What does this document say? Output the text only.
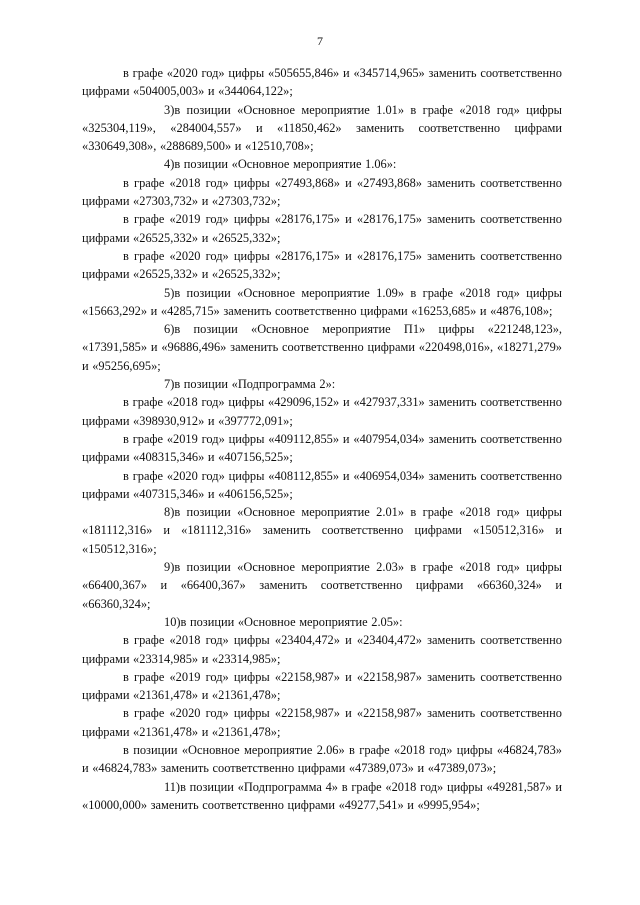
7

в графе «2020 год» цифры «505655,846» и «345714,965» заменить соответственно цифрами «504005,003» и «344064,122»;

3)в позиции «Основное мероприятие 1.01» в графе «2018 год» цифры «325304,119», «284004,557» и «11850,462» заменить соответственно цифрами «330649,308», «288689,500» и «12510,708»;

4)в позиции «Основное мероприятие 1.06»:

в графе «2018 год» цифры «27493,868» и «27493,868» заменить соответственно цифрами «27303,732» и «27303,732»;

в графе «2019 год» цифры «28176,175» и «28176,175» заменить соответственно цифрами «26525,332» и «26525,332»;

в графе «2020 год» цифры «28176,175» и «28176,175» заменить соответственно цифрами «26525,332» и «26525,332»;

5)в позиции «Основное мероприятие 1.09» в графе «2018 год» цифры «15663,292» и «4285,715» заменить соответственно цифрами «16253,685» и «4876,108»;

6)в позиции «Основное мероприятие П1» цифры «221248,123», «17391,585» и «96886,496» заменить соответственно цифрами «220498,016», «18271,279» и «95256,695»;

7)в позиции «Подпрограмма 2»:

в графе «2018 год» цифры «429096,152» и «427937,331» заменить соответственно цифрами «398930,912» и «397772,091»;

в графе «2019 год» цифры «409112,855» и «407954,034» заменить соответственно цифрами «408315,346» и «407156,525»;

в графе «2020 год» цифры «408112,855» и «406954,034» заменить соответственно цифрами «407315,346» и «406156,525»;

8)в позиции «Основное мероприятие 2.01» в графе «2018 год» цифры «181112,316» и «181112,316» заменить соответственно цифрами «150512,316» и «150512,316»;

9)в позиции «Основное мероприятие 2.03» в графе «2018 год» цифры «66400,367» и «66400,367» заменить соответственно цифрами «66360,324» и «66360,324»;

10)в позиции «Основное мероприятие 2.05»:

в графе «2018 год» цифры «23404,472» и «23404,472» заменить соответственно цифрами «23314,985» и «23314,985»;

в графе «2019 год» цифры «22158,987» и «22158,987» заменить соответственно цифрами «21361,478» и «21361,478»;

в графе «2020 год» цифры «22158,987» и «22158,987» заменить соответственно цифрами «21361,478» и «21361,478»;

в позиции «Основное мероприятие 2.06» в графе «2018 год» цифры «46824,783» и «46824,783» заменить соответственно цифрами «47389,073» и «47389,073»;

11)в позиции «Подпрограмма 4» в графе «2018 год» цифры «49281,587» и «10000,000» заменить соответственно цифрами «49277,541» и «9995,954»;
